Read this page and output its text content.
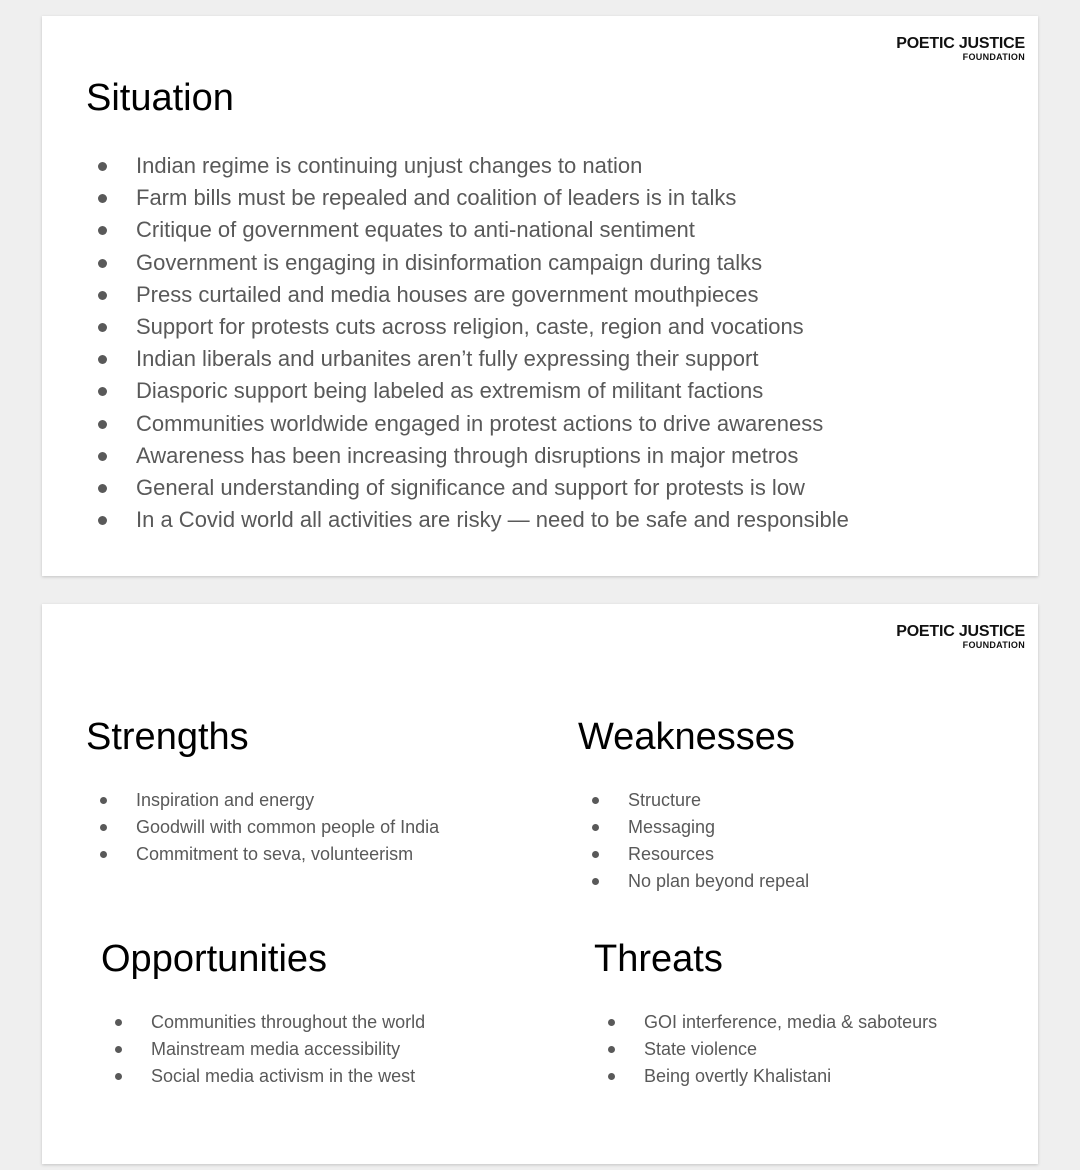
POETIC JUSTICE
FOUNDATION
Situation
Indian regime is continuing unjust changes to nation
Farm bills must be repealed and coalition of leaders is in talks
Critique of government equates to anti-national sentiment
Government is engaging in disinformation campaign during talks
Press curtailed and media houses are government mouthpieces
Support for protests cuts across religion, caste, region and vocations
Indian liberals and urbanites aren’t fully expressing their support
Diasporic support being labeled as extremism of militant factions
Communities worldwide engaged in protest actions to drive awareness
Awareness has been increasing through disruptions in major metros
General understanding of significance and support for protests is low
In a Covid world all activities are risky — need to be safe and responsible
POETIC JUSTICE
FOUNDATION
Strengths
Inspiration and energy
Goodwill with common people of India
Commitment to seva, volunteerism
Weaknesses
Structure
Messaging
Resources
No plan beyond repeal
Opportunities
Communities throughout the world
Mainstream media accessibility
Social media activism in the west
Threats
GOI interference, media & saboteurs
State violence
Being overtly Khalistani
